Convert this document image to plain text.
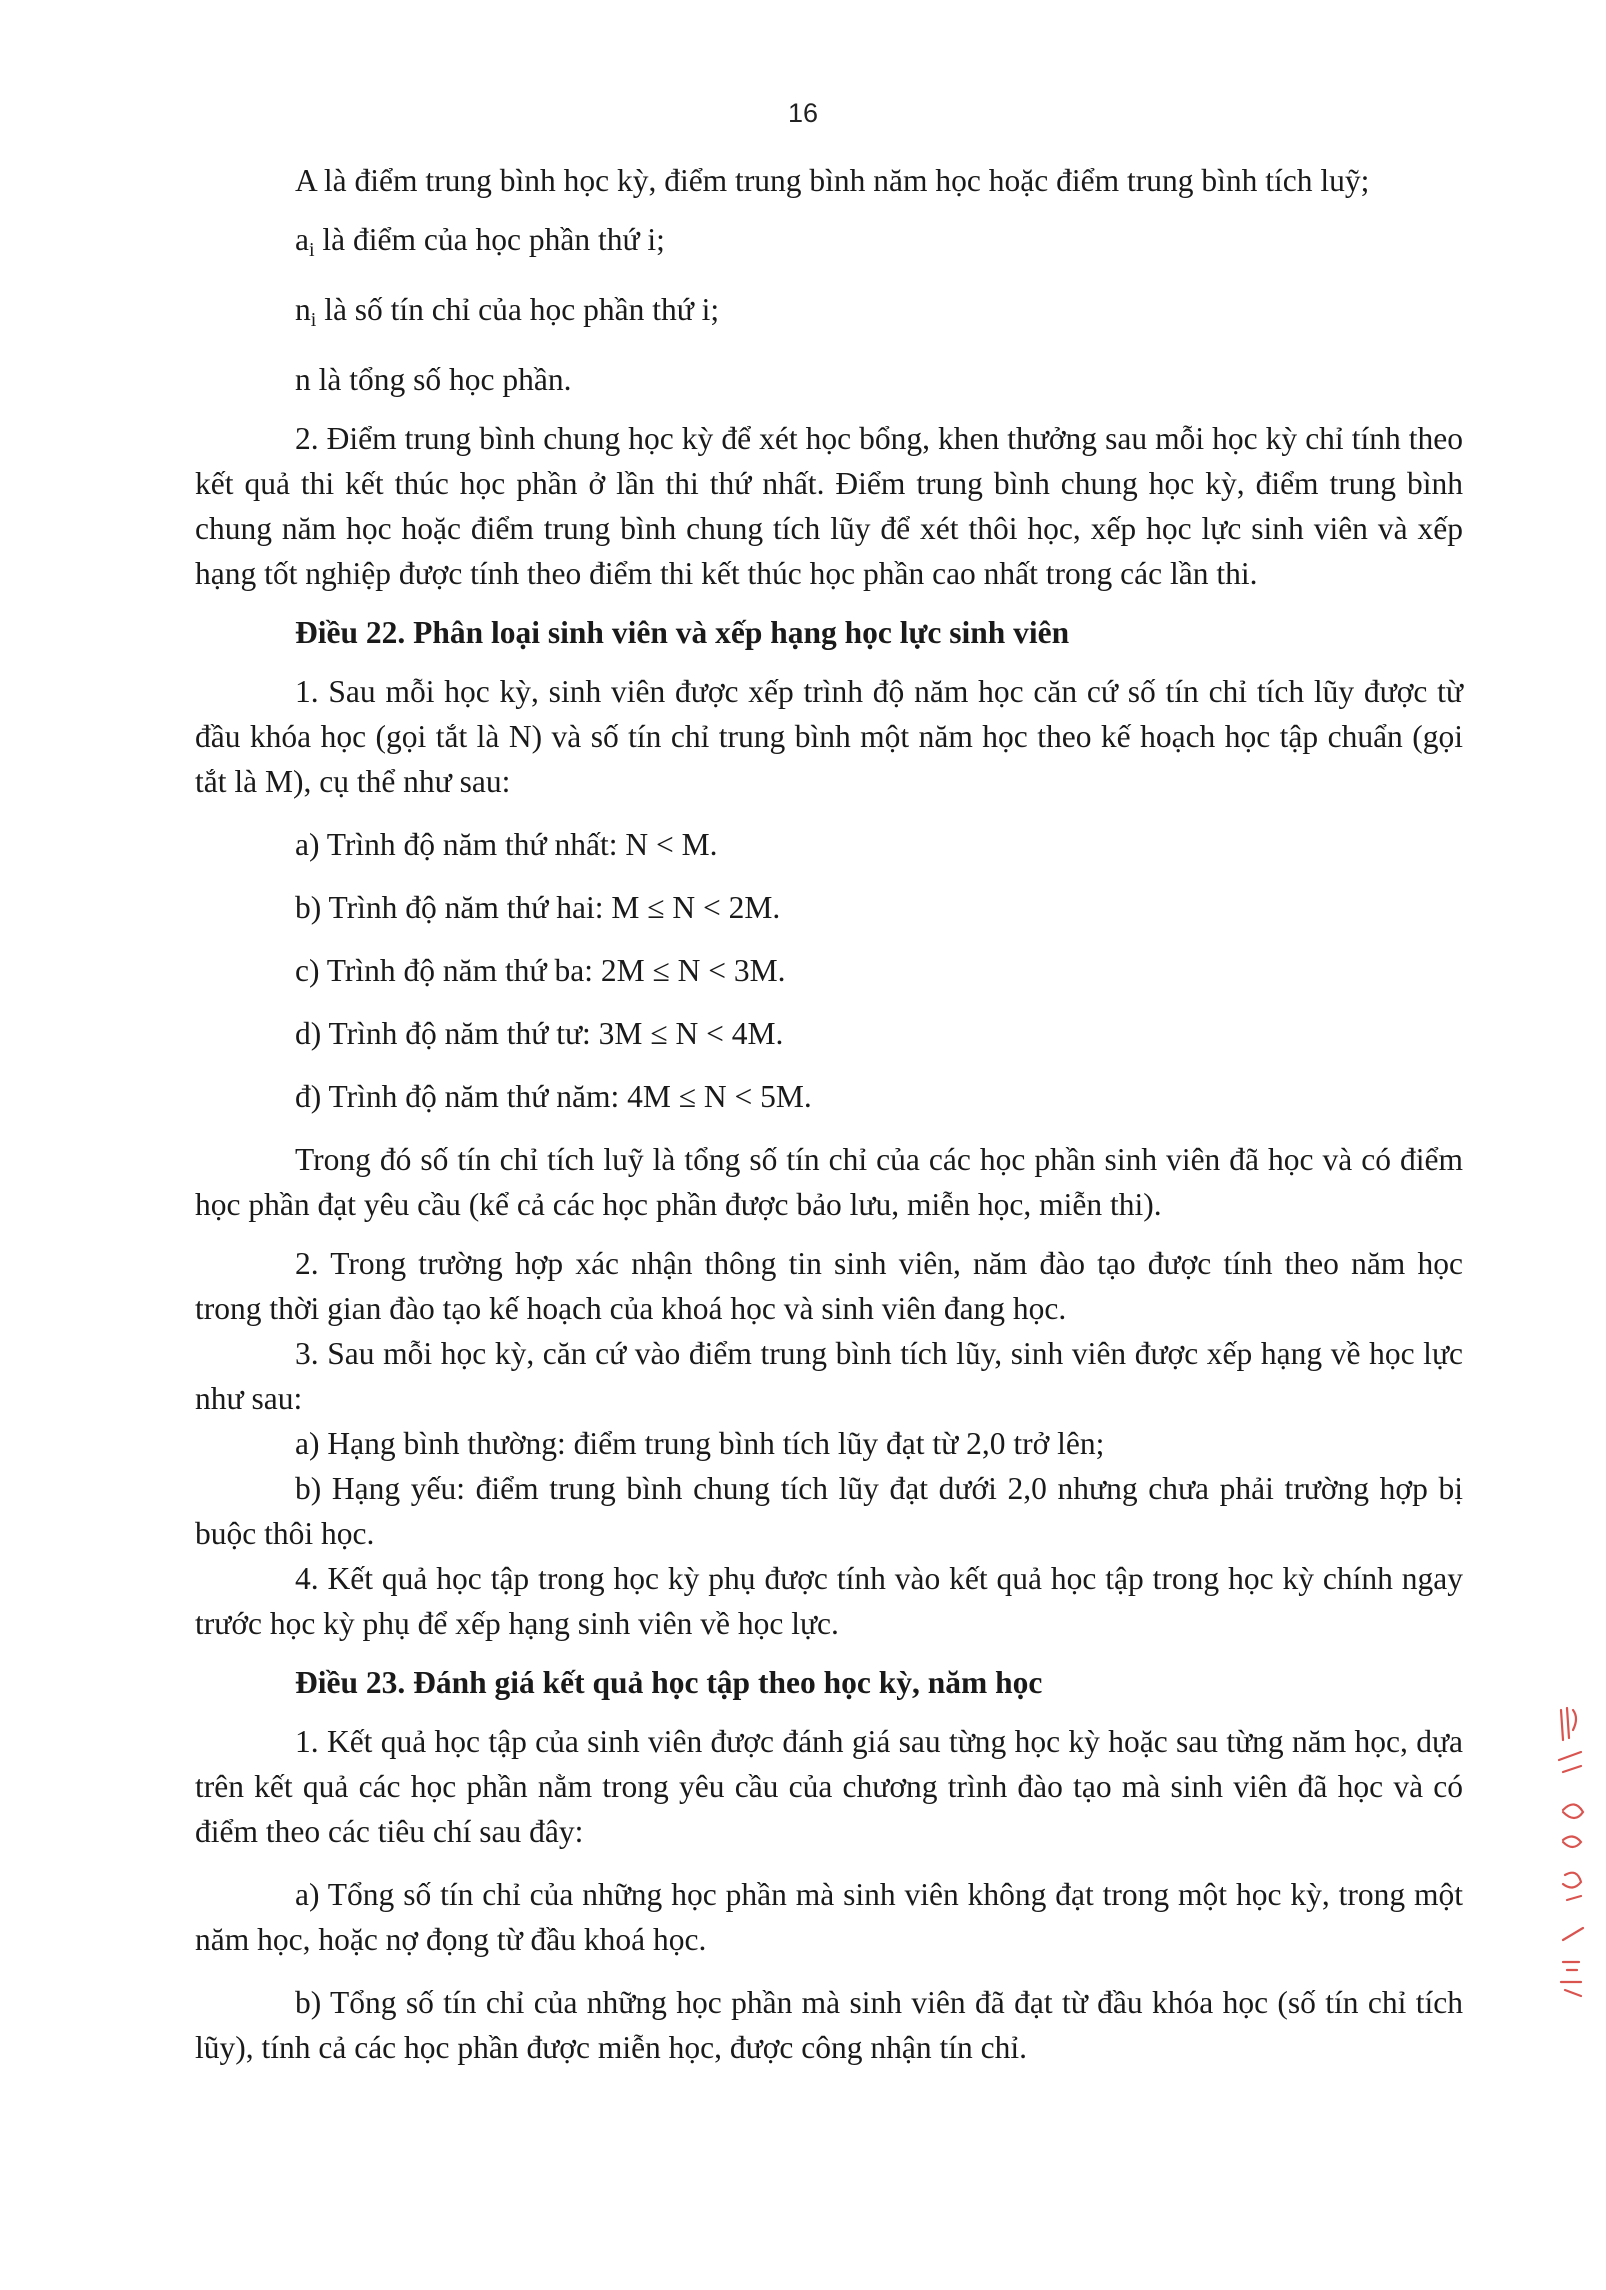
16

A là điểm trung bình học kỳ, điểm trung bình năm học hoặc điểm trung bình tích luỹ;

$a_i$ là điểm của học phần thứ i;

$n_i$ là số tín chỉ của học phần thứ i;

n là tổng số học phần.

2. Điểm trung bình chung học kỳ để xét học bổng, khen thưởng sau mỗi học kỳ chỉ tính theo kết quả thi kết thúc học phần ở lần thi thứ nhất. Điểm trung bình chung học kỳ, điểm trung bình chung năm học hoặc điểm trung bình chung tích lũy để xét thôi học, xếp học lực sinh viên và xếp hạng tốt nghiệp được tính theo điểm thi kết thúc học phần cao nhất trong các lần thi.

Điều 22. Phân loại sinh viên và xếp hạng học lực sinh viên

1. Sau mỗi học kỳ, sinh viên được xếp trình độ năm học căn cứ số tín chỉ tích lũy được từ đầu khóa học (gọi tắt là N) và số tín chỉ trung bình một năm học theo kế hoạch học tập chuẩn (gọi tắt là M), cụ thể như sau:

a) Trình độ năm thứ nhất: N < M.

b) Trình độ năm thứ hai: M ≤ N < 2M.

c) Trình độ năm thứ ba: 2M ≤ N < 3M.

d) Trình độ năm thứ tư: 3M ≤ N < 4M.

đ) Trình độ năm thứ năm: 4M ≤ N < 5M.

Trong đó số tín chỉ tích luỹ là tổng số tín chỉ của các học phần sinh viên đã học và có điểm học phần đạt yêu cầu (kể cả các học phần được bảo lưu, miễn học, miễn thi).

2. Trong trường hợp xác nhận thông tin sinh viên, năm đào tạo được tính theo năm học trong thời gian đào tạo kế hoạch của khoá học và sinh viên đang học.

3. Sau mỗi học kỳ, căn cứ vào điểm trung bình tích lũy, sinh viên được xếp hạng về học lực như sau:

a) Hạng bình thường: điểm trung bình tích lũy đạt từ 2,0 trở lên;

b) Hạng yếu: điểm trung bình chung tích lũy đạt dưới 2,0 nhưng chưa phải trường hợp bị buộc thôi học.

4. Kết quả học tập trong học kỳ phụ được tính vào kết quả học tập trong học kỳ chính ngay trước học kỳ phụ để xếp hạng sinh viên về học lực.

Điều 23. Đánh giá kết quả học tập theo học kỳ, năm học

1. Kết quả học tập của sinh viên được đánh giá sau từng học kỳ hoặc sau từng năm học, dựa trên kết quả các học phần nằm trong yêu cầu của chương trình đào tạo mà sinh viên đã học và có điểm theo các tiêu chí sau đây:

a) Tổng số tín chỉ của những học phần mà sinh viên không đạt trong một học kỳ, trong một năm học, hoặc nợ đọng từ đầu khoá học.

b) Tổng số tín chỉ của những học phần mà sinh viên đã đạt từ đầu khóa học (số tín chỉ tích lũy), tính cả các học phần được miễn học, được công nhận tín chỉ.
